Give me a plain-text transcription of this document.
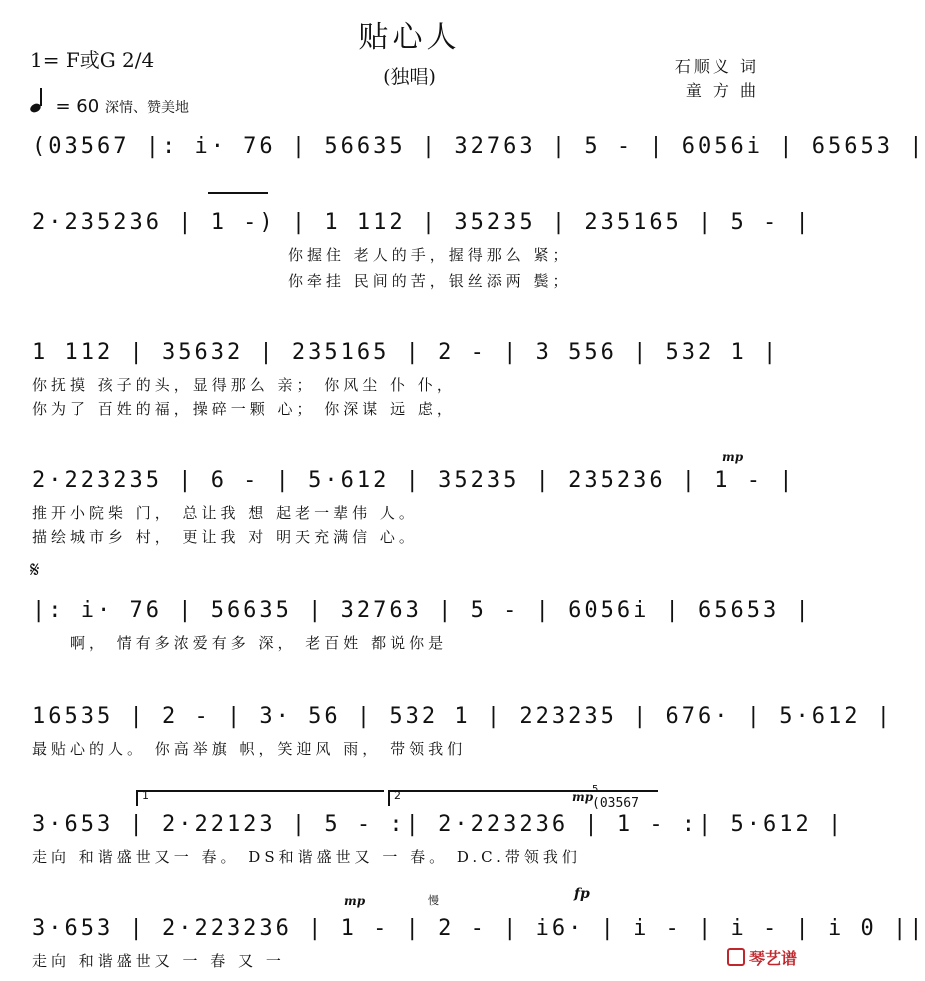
贴心人
(独唱)
1= F或G 2/4
= 60 深情、赞美地
石顺义 词
童 方 曲
(03567 |: i· 76 | 56635 | 32763 | 5 - | 6056i | 65653 |
2·235236 | 1 -) | 1 112 | 35235 | 235165 | 5 - |
你握住 老人的手，握得那么 紧；
你牵挂 民间的苦，银丝添两 鬓；
1 112 | 35632 | 235165 | 2 - | 3 556 | 532 1 |
你抚摸 孩子的头，显得那么 亲； 你风尘 仆 仆，
你为了 百姓的福，操碎一颗 心； 你深谋 远 虑，
mp
2·223235 | 6 - | 5·612 | 35235 | 235236 | 1 - |
推开小院柴 门， 总让我 想 起老一辈伟 人。
描绘城市乡 村， 更让我 对 明天充满信 心。
𝄋
|: i· 76 | 56635 | 32763 | 5 - | 6056i | 65653 |
啊， 情有多浓爱有多 深， 老百姓 都说你是
16535 | 2 - | 3· 56 | 532 1 | 223235 | 676· | 5·612 |
最贴心的人。 你高举旗 帜，笑迎风 雨， 带领我们
1	2	mp
5
(03567
3·653 | 2·22123 | 5 - :| 2·223236 | 1 - :| 5·612 |
走向 和谐盛世又一 春。 DS和谐盛世又 一 春。 D.C.带领我们
mp	慢	fp
3·653 | 2·223236 | 1 - | 2 - | i6· | i - | i - | i 0 ||
走向 和谐盛世又 一 春 又 一	琴艺谱
